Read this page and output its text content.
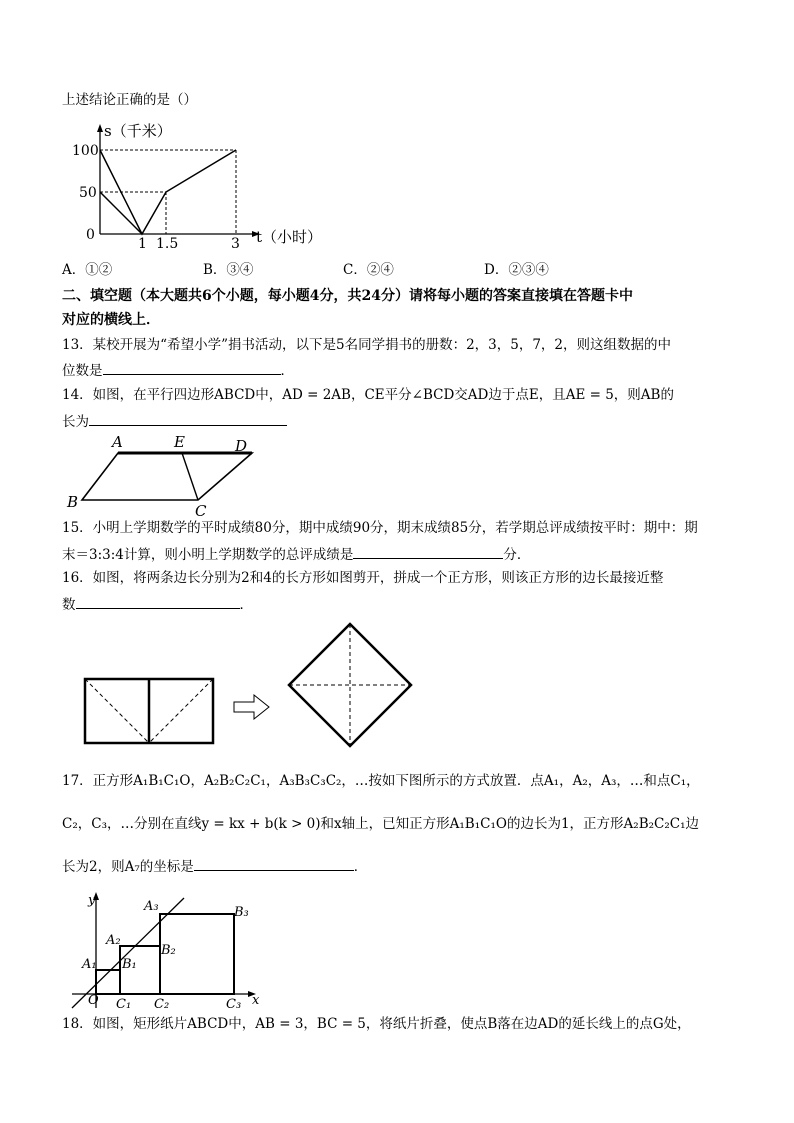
上述结论正确的是（）
s（千米）
100
50
0
1 1.5	3 t（小时）
A．①②	B．③④	C．②④	D．②③④
二、填空题（本大题共6个小题，每小题4分，共24分）请将每小题的答案直接填在答题卡中
对应的横线上．
13．某校开展为“希望小学”捐书活动，以下是5名同学捐书的册数：2，3，5，7，2，则这组数据的中
位数是	．
14．如图，在平行四边形ABCD中，AD = 2AB，CE平分∠BCD交AD边于点E，且AE = 5，则AB的
长为
A	E	D
B	C
15．小明上学期数学的平时成绩80分，期中成绩90分，期末成绩85分，若学期总评成绩按平时：期中：期
末＝3:3:4计算，则小明上学期数学的总评成绩是	分．
16．如图，将两条边长分别为2和4的长方形如图剪开，拼成一个正方形，则该正方形的边长最接近整
数	．
17．正方形A₁B₁C₁O，A₂B₂C₂C₁，A₃B₃C₃C₂，…按如下图所示的方式放置．点A₁，A₂，A₃，…和点C₁，
C₂，C₃，…分别在直线y = kx + b(k > 0)和x轴上，已知正方形A₁B₁C₁O的边长为1，正方形A₂B₂C₂C₁边
长为2，则A₇的坐标是	．
y
x
O
A₁
A₂
A₃
B₁
B₂
B₃
C₁ C₂	C₃
18．如图，矩形纸片ABCD中，AB = 3，BC = 5，将纸片折叠，使点B落在边AD的延长线上的点G处，
